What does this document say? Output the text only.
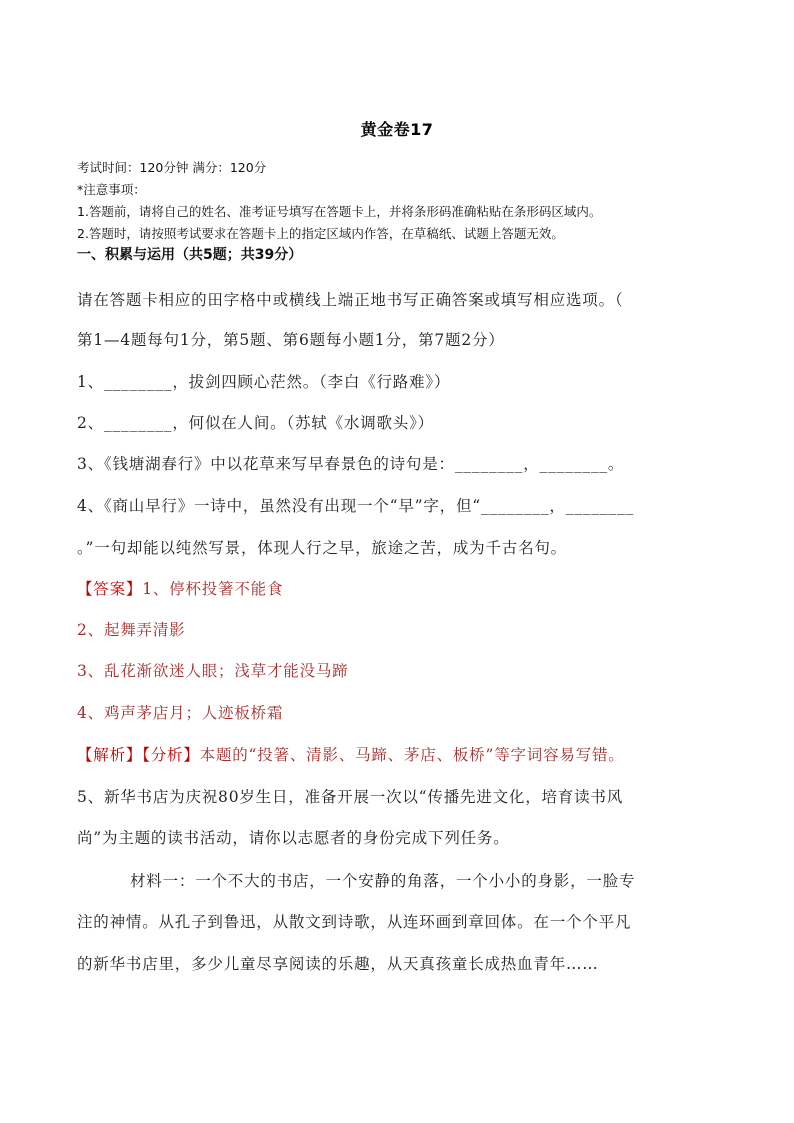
黄金卷17
考试时间：120分钟 满分：120分
*注意事项：
1.答题前，请将自己的姓名、准考证号填写在答题卡上，并将条形码准确粘贴在条形码区域内。
2.答题时，请按照考试要求在答题卡上的指定区域内作答，在草稿纸、试题上答题无效。
一、积累与运用（共5题；共39分）
请在答题卡相应的田字格中或横线上端正地书写正确答案或填写相应选项。（
第1—4题每句1分，第5题、第6题每小题1分，第7题2分）
1、________，拔剑四顾心茫然。（李白《行路难》）
2、________，何似在人间。（苏轼《水调歌头》）
3、《钱塘湖春行》中以花草来写早春景色的诗句是：________，________。
4、《商山早行》一诗中，虽然没有出现一个“早”字，但“________，________
。”一句却能以纯然写景，体现人行之早，旅途之苦，成为千古名句。
【答案】1、停杯投箸不能食
2、起舞弄清影
3、乱花渐欲迷人眼；浅草才能没马蹄
4、鸡声茅店月；人迹板桥霜
【解析】【分析】本题的“投箸、清影、马蹄、茅店、板桥”等字词容易写错。
5、新华书店为庆祝80岁生日，准备开展一次以“传播先进文化，培育读书风
尚”为主题的读书活动，请你以志愿者的身份完成下列任务。
材料一：一个不大的书店，一个安静的角落，一个小小的身影，一脸专
注的神情。从孔子到鲁迅，从散文到诗歌，从连环画到章回体。在一个个平凡
的新华书店里，多少儿童尽享阅读的乐趣，从天真孩童长成热血青年……
